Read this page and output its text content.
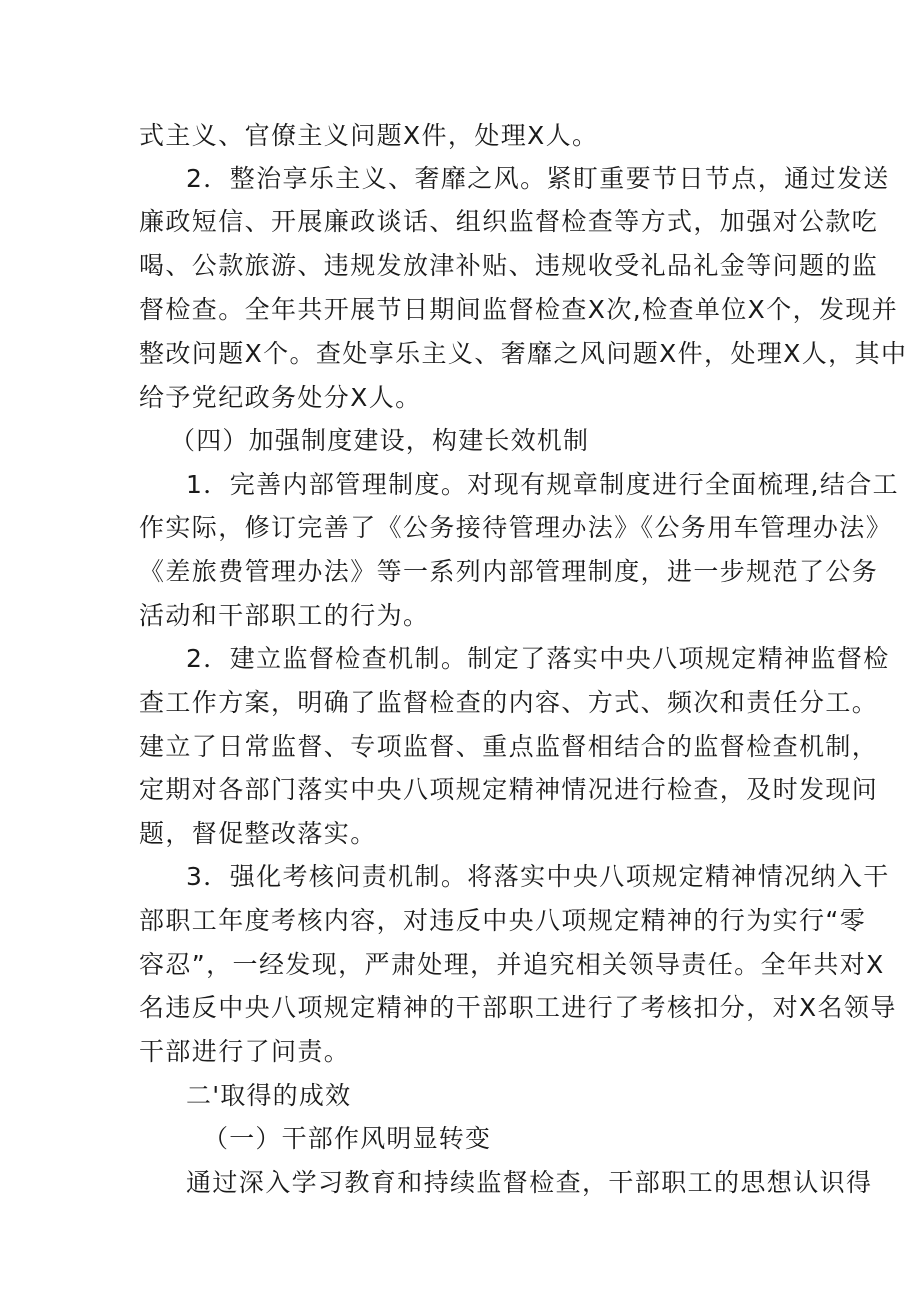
式主义、官僚主义问题X件，处理X人。
2．整治享乐主义、奢靡之风。紧盯重要节日节点，通过发送
廉政短信、开展廉政谈话、组织监督检查等方式，加强对公款吃
喝、公款旅游、违规发放津补贴、违规收受礼品礼金等问题的监
督检查。全年共开展节日期间监督检查X次,检查单位X个，发现并
整改问题X个。查处享乐主义、奢靡之风问题X件，处理X人，其中
给予党纪政务处分X人。
（四）加强制度建设，构建长效机制
1．完善内部管理制度。对现有规章制度进行全面梳理,结合工
作实际，修订完善了《公务接待管理办法》《公务用车管理办法》
《差旅费管理办法》等一系列内部管理制度，进一步规范了公务
活动和干部职工的行为。
2．建立监督检查机制。制定了落实中央八项规定精神监督检
查工作方案，明确了监督检查的内容、方式、频次和责任分工。
建立了日常监督、专项监督、重点监督相结合的监督检查机制，
定期对各部门落实中央八项规定精神情况进行检查，及时发现问
题，督促整改落实。
3．强化考核问责机制。将落实中央八项规定精神情况纳入干
部职工年度考核内容，对违反中央八项规定精神的行为实行“零
容忍”，一经发现，严肃处理，并追究相关领导责任。全年共对X
名违反中央八项规定精神的干部职工进行了考核扣分，对X名领导
干部进行了问责。
二'取得的成效
（一）干部作风明显转变
通过深入学习教育和持续监督检查，干部职工的思想认识得
